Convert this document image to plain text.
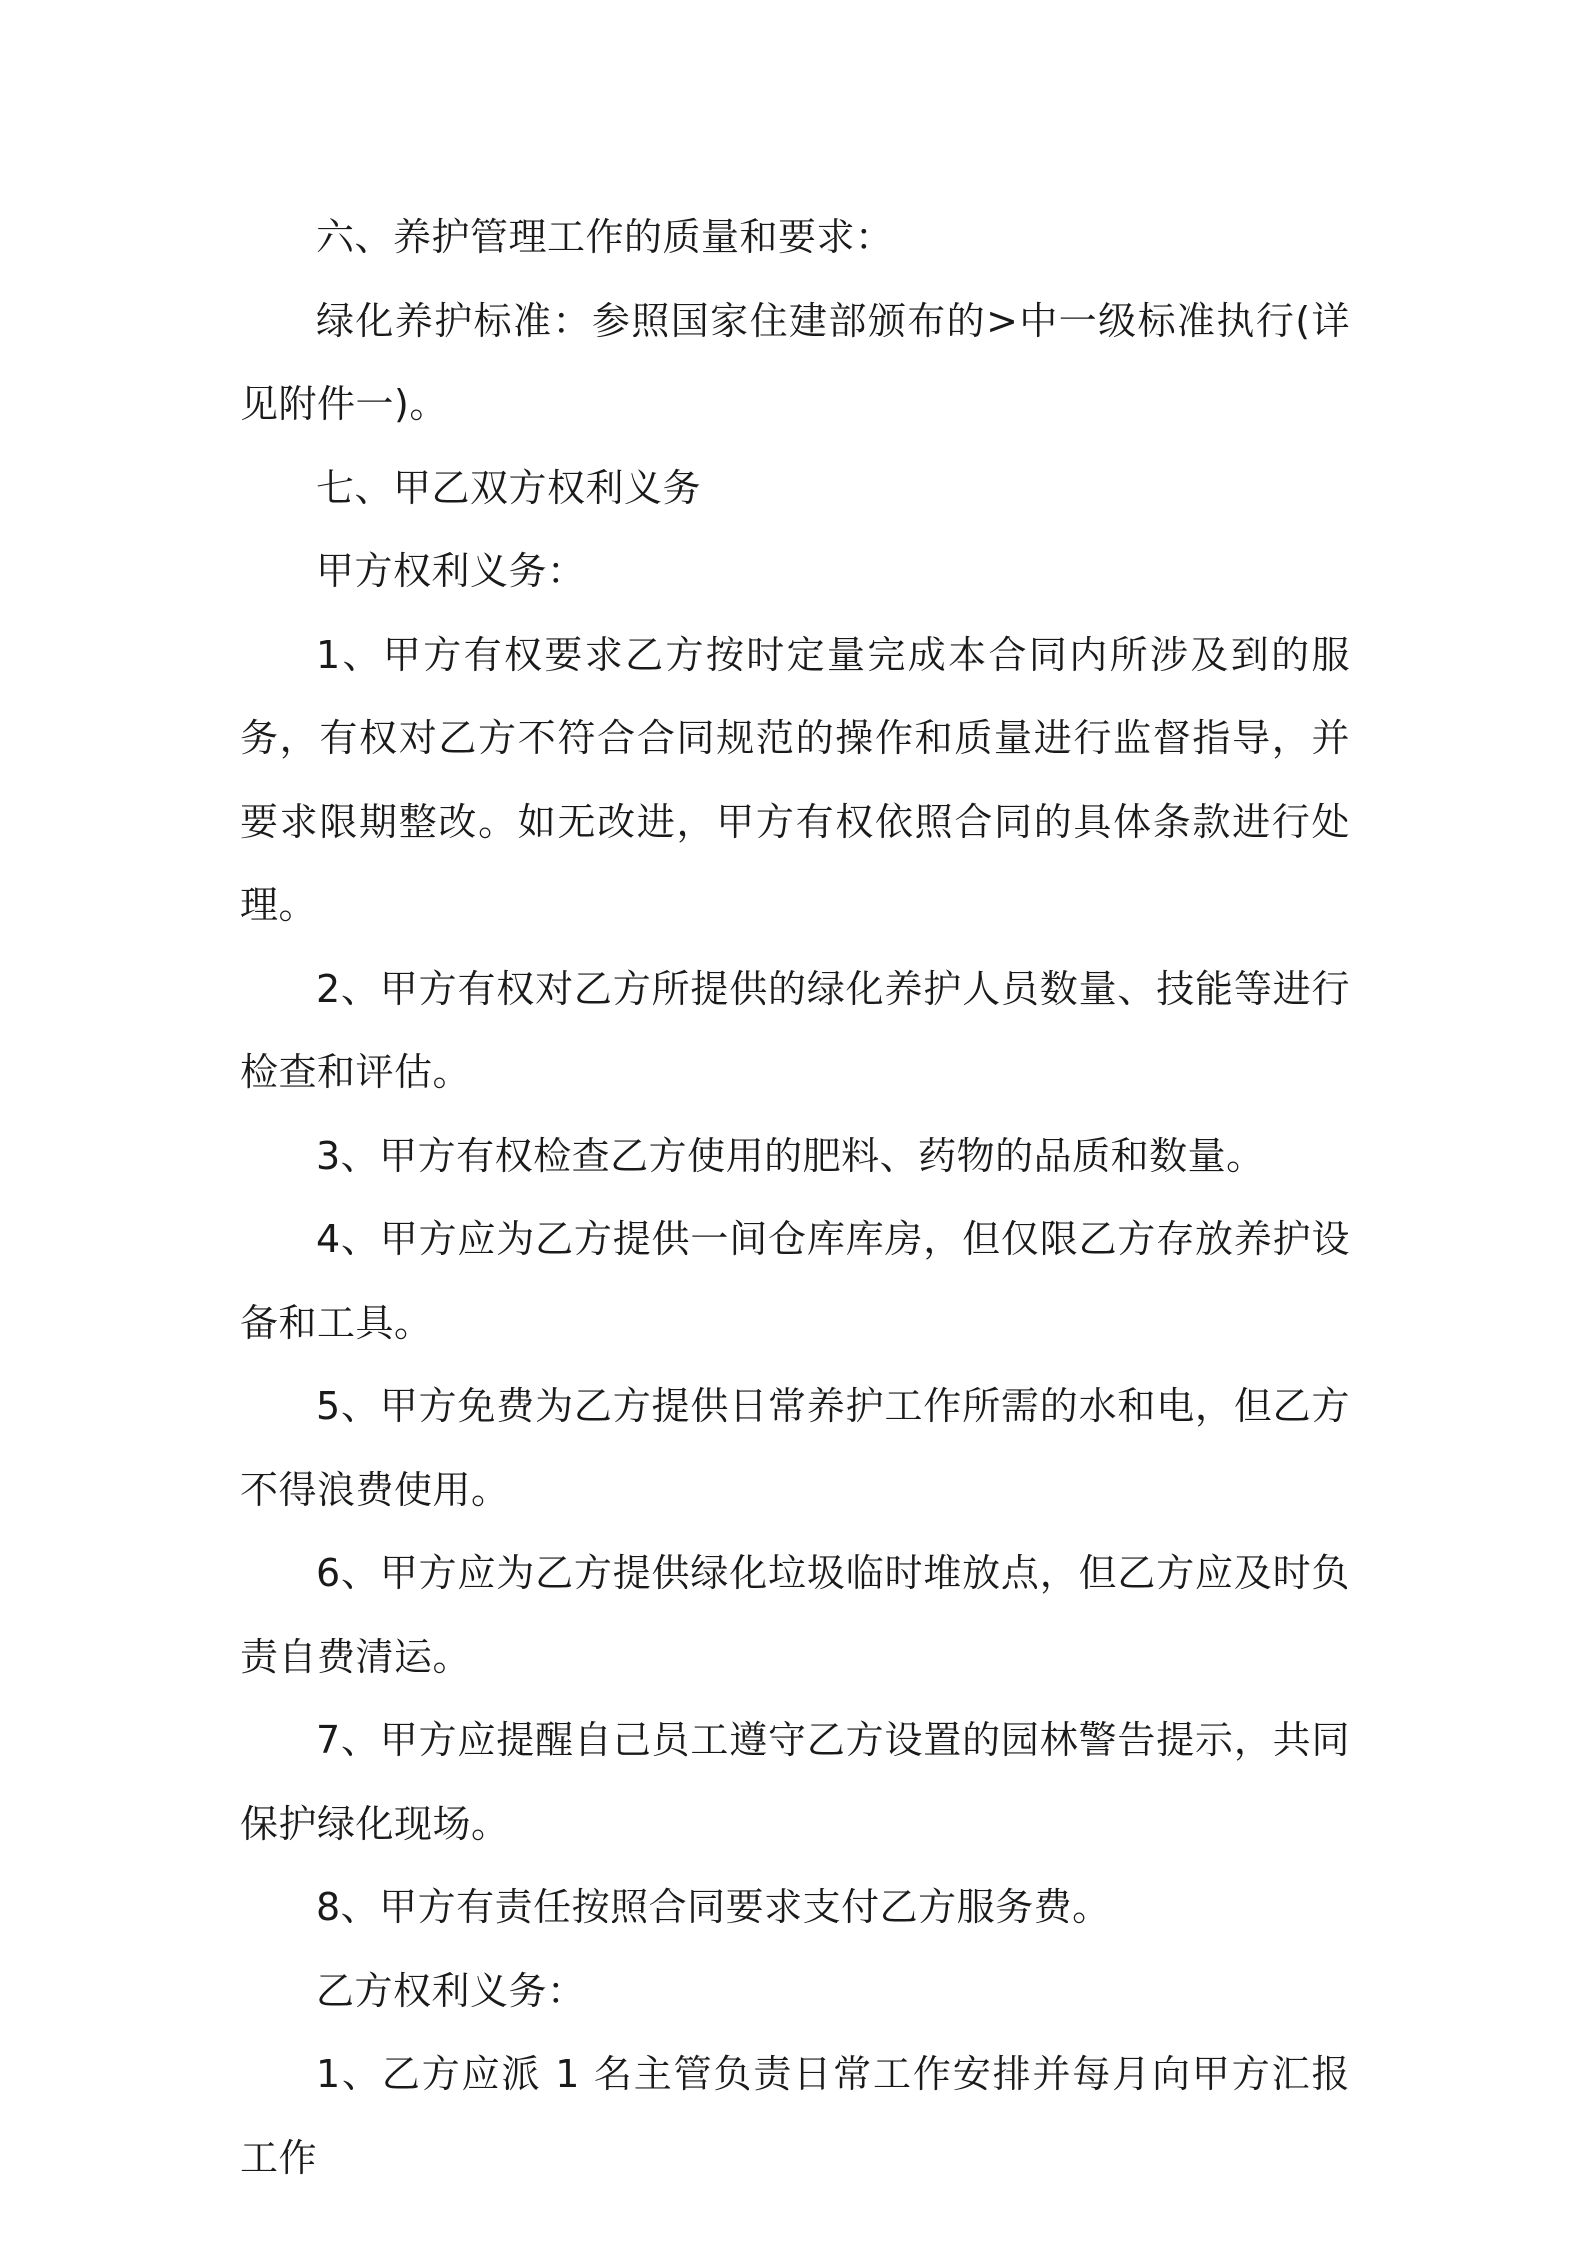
六、养护管理工作的质量和要求：

绿化养护标准：参照国家住建部颁布的>中一级标准执行(详见附件一)。

七、甲乙双方权利义务

甲方权利义务：

1、甲方有权要求乙方按时定量完成本合同内所涉及到的服务，有权对乙方不符合合同规范的操作和质量进行监督指导，并要求限期整改。如无改进，甲方有权依照合同的具体条款进行处理。

2、甲方有权对乙方所提供的绿化养护人员数量、技能等进行检查和评估。

3、甲方有权检查乙方使用的肥料、药物的品质和数量。

4、甲方应为乙方提供一间仓库库房，但仅限乙方存放养护设备和工具。

5、甲方免费为乙方提供日常养护工作所需的水和电，但乙方不得浪费使用。

6、甲方应为乙方提供绿化垃圾临时堆放点，但乙方应及时负责自费清运。

7、甲方应提醒自己员工遵守乙方设置的园林警告提示，共同保护绿化现场。

8、甲方有责任按照合同要求支付乙方服务费。

乙方权利义务：

1、乙方应派 1 名主管负责日常工作安排并每月向甲方汇报工作
